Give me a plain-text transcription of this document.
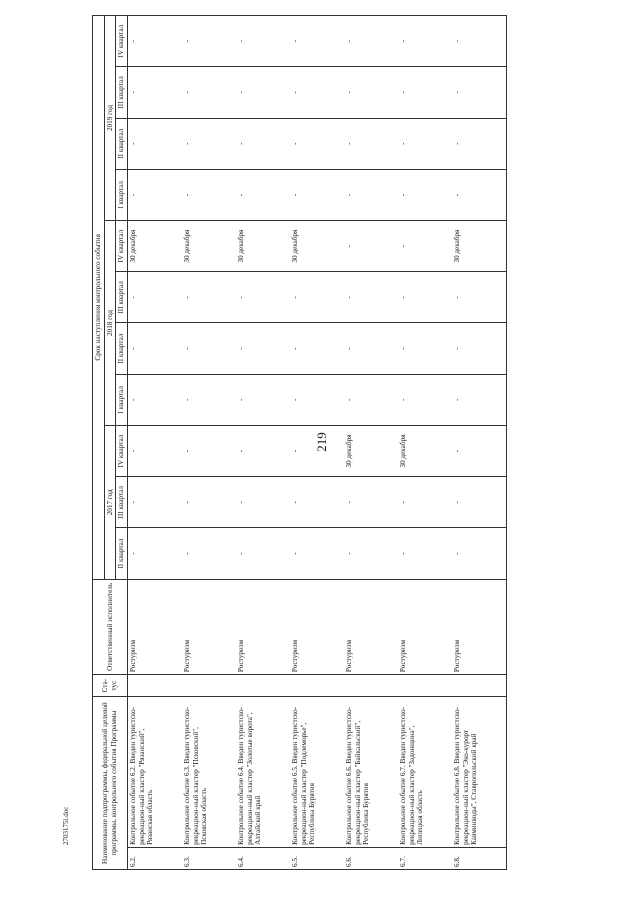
219
2703175i.doc	Наименование подпрограммы, федеральной целевой программы, контрольного события Программы		Ста-тус	Ответственный исполнитель	Срок наступления контрольного события										
				2017 год			2018 год				2019 год			
				II квартал	III квартал	IV квартал	I квартал	II квартал	III квартал	IV квартал	I квартал	II квартал	III квартал	IV квартал
6.2.	Контрольное событие 6.2. Введен туристско-рекреацион-ный кластер "Рязанский", Рязанская область		Ростуризм	-	-	-	-	-	-	30 декабря	-	-	-	-
6.3.	Контрольное событие 6.3. Введен туристско-рекреацион-ный кластер "Псковский", Псковская область		Ростуризм	-	-	-	-	-	-	30 декабря	-	-	-	-
6.4.	Контрольное событие 6.4. Введен туристско-рекреацион-ный кластер "Золотые ворота", Алтайский край		Ростуризм	-	-	-	-	-	-	30 декабря	-	-	-	-
6.5.	Контрольное событие 6.5. Введен туристско-рекреацион-ный кластер "Подлеморье", Республика Бурятия		Ростуризм	-	-	-	-	-	-	30 декабря	-	-	-	-
6.6.	Контрольное событие 6.6. Введен туристско-рекреацион-ный кластер "Байкальский", Республика Бурятия		Ростуризм	-	-	30 декабря	-	-	-	-	-	-	-	-
6.7.	Контрольное событие 6.7. Введен туристско-рекреацион-ный кластер "Задонщина", Липецкая область		Ростуризм	-	-	30 декабря	-	-	-	-	-	-	-	-
6.8.	Контрольное событие 6.8. Введен туристско-рекреацион-ный кластер "Эко-курорт Кавминводы", Ставропольский край		Ростуризм	-	-	-	-	-	-	30 декабря	-	-	-	-
